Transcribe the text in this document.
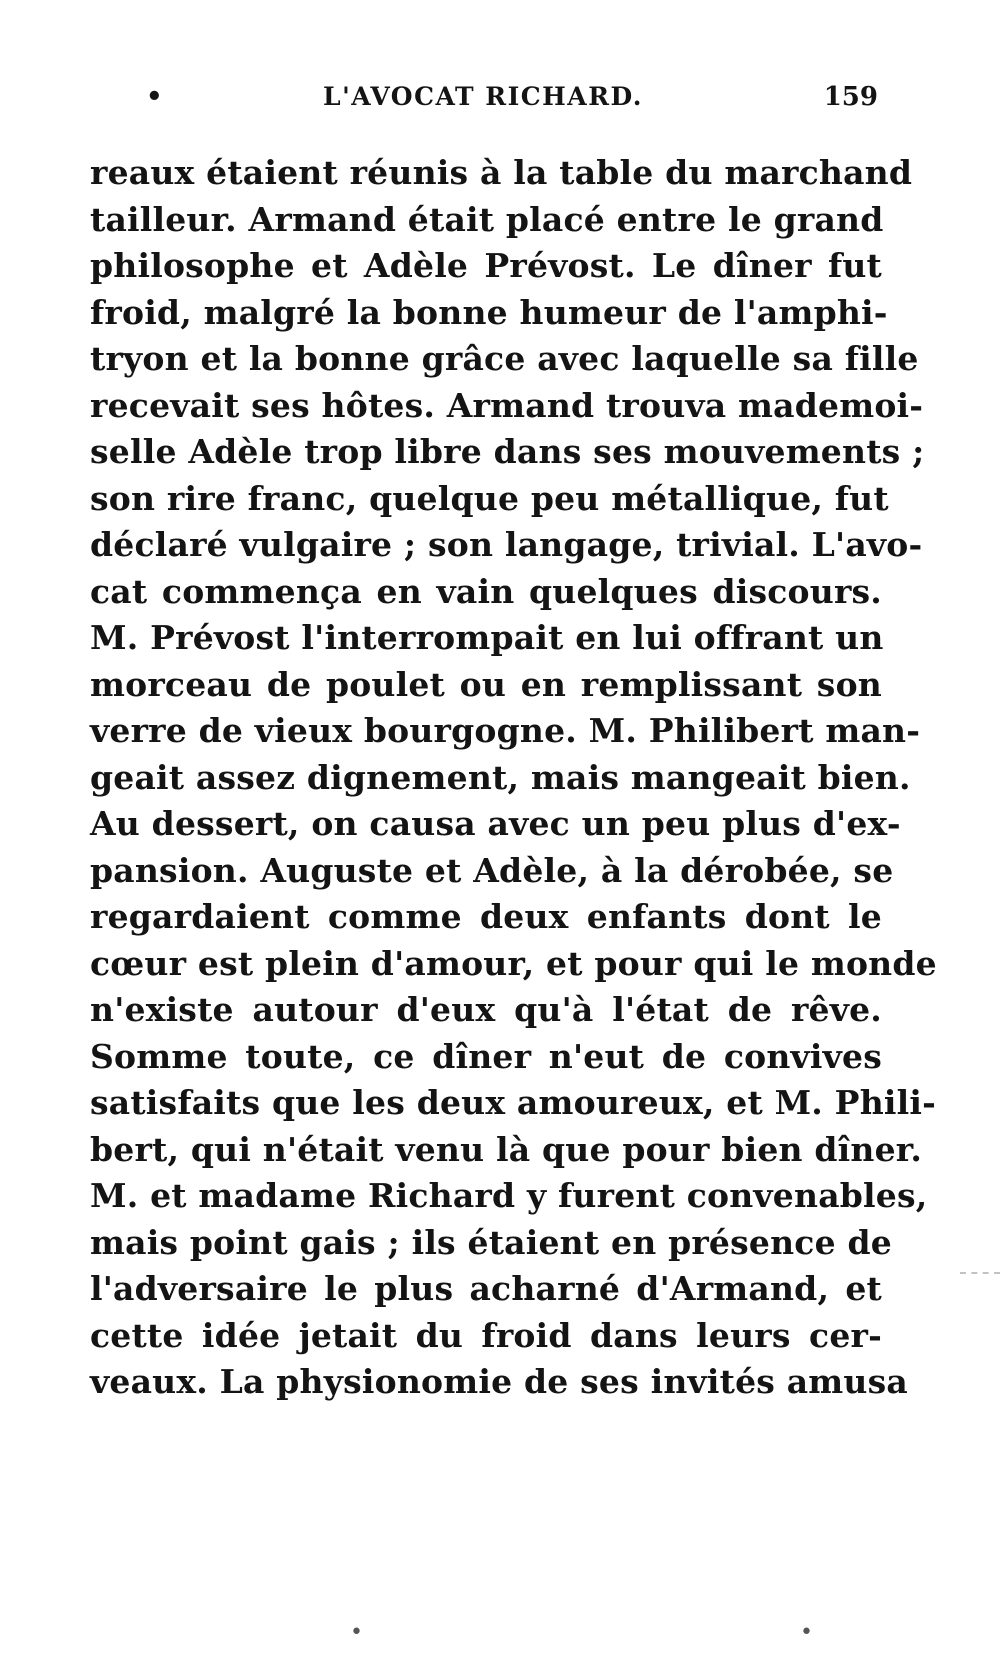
•	L'AVOCAT RICHARD.	159
reaux étaient réunis à la table du marchand
tailleur. Armand était placé entre le grand
philosophe et Adèle Prévost. Le dîner fut
froid, malgré la bonne humeur de l'amphi-
tryon et la bonne grâce avec laquelle sa fille
recevait ses hôtes. Armand trouva mademoi-
selle Adèle trop libre dans ses mouvements ;
son rire franc, quelque peu métallique, fut
déclaré vulgaire ; son langage, trivial. L'avo-
cat commença en vain quelques discours.
M. Prévost l'interrompait en lui offrant un
morceau de poulet ou en remplissant son
verre de vieux bourgogne. M. Philibert man-
geait assez dignement, mais mangeait bien.
Au dessert, on causa avec un peu plus d'ex-
pansion. Auguste et Adèle, à la dérobée, se
regardaient comme deux enfants dont le
cœur est plein d'amour, et pour qui le monde
n'existe autour d'eux qu'à l'état de rêve.
Somme toute, ce dîner n'eut de convives
satisfaits que les deux amoureux, et M. Phili-
bert, qui n'était venu là que pour bien dîner.
M. et madame Richard y furent convenables,
mais point gais ; ils étaient en présence de
l'adversaire le plus acharné d'Armand, et
cette idée jetait du froid dans leurs cer-
veaux. La physionomie de ses invités amusa
•	•
